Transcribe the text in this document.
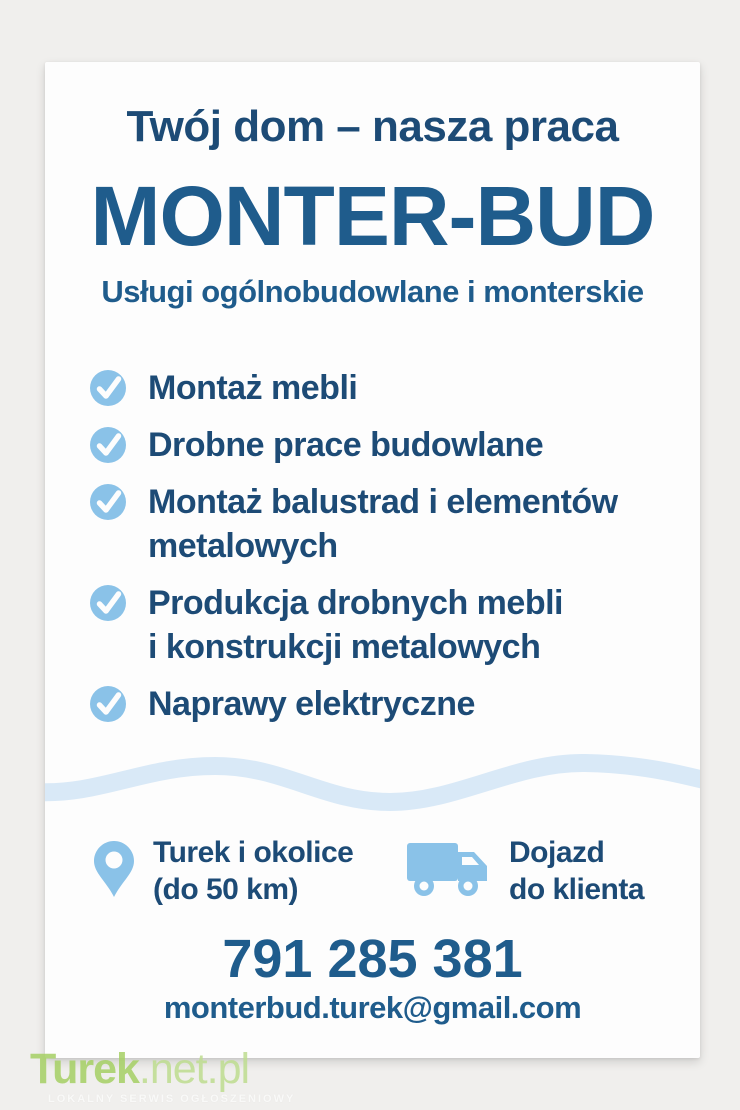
Twój dom – nasza praca
MONTER-BUD
Usługi ogólnobudowlane i monterskie
Montaż mebli
Drobne prace budowlane
Montaż balustrad i elementów
metalowych
Produkcja drobnych mebli
i konstrukcji metalowych
Naprawy elektryczne
Turek i okolice
(do 50 km)
Dojazd
do klienta
791 285 381
monterbud.turek@gmail.com
Turek.net.pl
LOKALNY SERWIS OGŁOSZENIOWY
